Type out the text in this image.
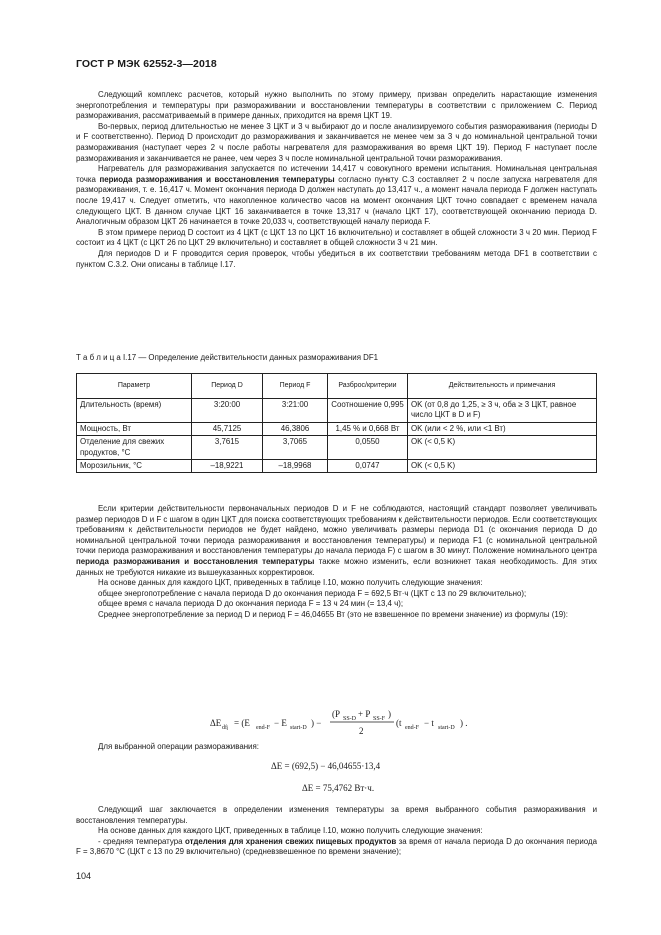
ГОСТ Р МЭК 62552-3—2018

Следующий комплекс расчетов, который нужно выполнить по этому примеру, призван определить нарастающие изменения энергопотребления и температуры при размораживании и восстановлении температуры в соответствии с приложением C. Период размораживания, рассматриваемый в примере данных, приходится на время ЦКТ 19.

Во-первых, период длительностью не менее 3 ЦКТ и 3 ч выбирают до и после анализируемого события размораживания (периоды D и F соответственно). Период D происходит до размораживания и заканчивается не менее чем за 3 ч до номинальной центральной точки размораживания (наступает через 2 ч после работы нагревателя для размораживания во время ЦКТ 19). Период F наступает после размораживания и заканчивается не ранее, чем через 3 ч после номинальной центральной точки размораживания.

Нагреватель для размораживания запускается по истечении 14,417 ч совокупного времени испытания. Номинальная центральная точка периода размораживания и восстановления температуры согласно пункту C.3 составляет 2 ч после запуска нагревателя для размораживания, т. е. 16,417 ч. Момент окончания периода D должен наступать до 13,417 ч., а момент начала периода F должен наступать после 19,417 ч. Следует отметить, что накопленное количество часов на момент окончания ЦКТ точно совпадает с временем начала следующего ЦКТ. В данном случае ЦКТ 16 заканчивается в точке 13,317 ч (начало ЦКТ 17), соответствующей окончанию периода D. Аналогичным образом ЦКТ 26 начинается в точке 20,033 ч, соответствующей началу периода F.

В этом примере период D состоит из 4 ЦКТ (с ЦКТ 13 по ЦКТ 16 включительно) и составляет в общей сложности 3 ч 20 мин. Период F состоит из 4 ЦКТ (с ЦКТ 26 по ЦКТ 29 включительно) и составляет в общей сложности 3 ч 21 мин.

Для периодов D и F проводится серия проверок, чтобы убедиться в их соответствии требованиям метода DF1 в соответствии с пунктом C.3.2. Они описаны в таблице I.17.

Т а б л и ц а I.17 — Определение действительности данных размораживания DF1
Параметр	Период D	Период F	Разброс/критерии	Действительность и примечания
Длительность (время)	3:20:00	3:21:00	Соотношение 0,995	OK (от 0,8 до 1,25, ≥ 3 ч, оба ≥ 3 ЦКТ, равное число ЦКТ в D и F)
Мощность, Вт	45,7125	46,3806	1,45 % и 0,668 Вт	OK (или < 2 %, или <1 Вт)
Отделение для свежих продуктов, °С	3,7615	3,7065	0,0550	OK (< 0,5 K)
Морозильник, °С	–18,9221	–18,9968	0,0747	OK (< 0,5 K)

Если критерии действительности первоначальных периодов D и F не соблюдаются, настоящий стандарт позволяет увеличивать размер периодов D и F с шагом в один ЦКТ для поиска соответствующих требованиям к действительности периодов. Если соответствующих требованиям к действительности периодов не будет найдено, можно увеличивать размеры периода D1 (с окончания периода D до номинальной центральной точки периода размораживания и восстановления температуры) и периода F1 (с номинальной центральной точки периода размораживания и восстановления температуры до начала периода F) с шагом в 30 минут. Положение номинального центра периода размораживания и восстановления температуры также можно изменить, если возникнет такая необходимость. Для этих данных не требуются никакие из вышеуказанных корректировок.

На основе данных для каждого ЦКТ, приведенных в таблице I.10, можно получить следующие значения:

общее энергопотребление с начала периода D до окончания периода F = 692,5 Вт·ч (ЦКТ с 13 по 29 включительно);

общее время с начала периода D до окончания периода F = 13 ч 24 мин (= 13,4 ч);

Среднее энергопотребление за период D и период F = 46,04655 Вт (это не взвешенное по времени значение) из формулы (19):

ΔE dfj
= (E end-F − E start-D ) −
(P SS-D + P SS-F )
2
(t end-F − t start-D ) .

Для выбранной операции размораживания:

ΔE = (692,5) − 46,04655·13,4
ΔE = 75,4762 Вт·ч.

Следующий шаг заключается в определении изменения температуры за время выбранного события размораживания и восстановления температуры.

На основе данных для каждого ЦКТ, приведенных в таблице I.10, можно получить следующие значения:

- средняя температура отделения для хранения свежих пищевых продуктов за время от начала периода D до окончания периода F = 3,8670 °С (ЦКТ с 13 по 29 включительно) (средневзвешенное по времени значение);

104
